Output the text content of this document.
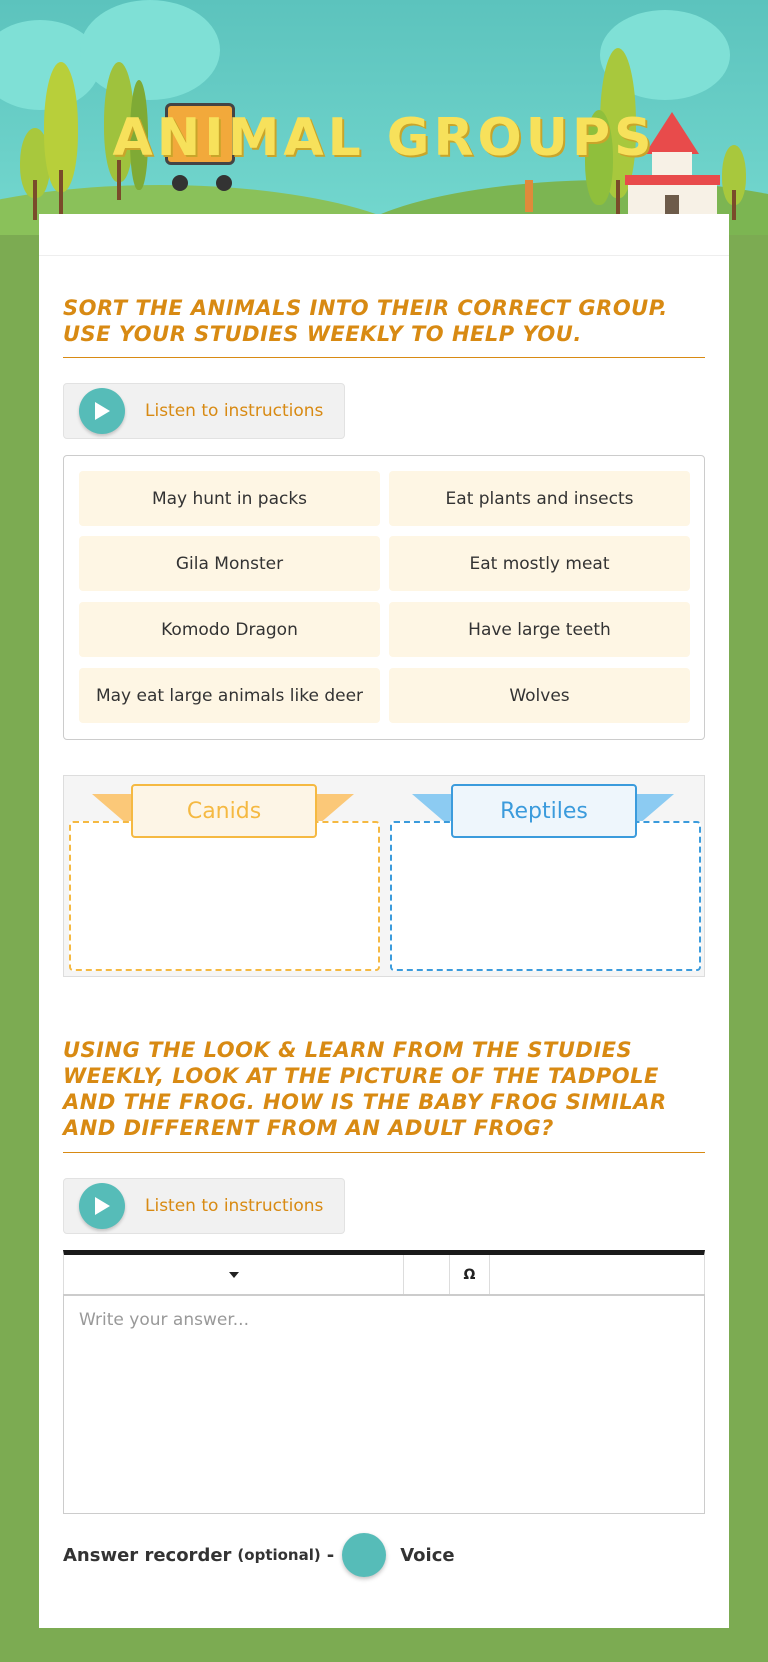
ANIMAL GROUPS
SORT THE ANIMALS INTO THEIR CORRECT GROUP. USE YOUR STUDIES WEEKLY TO HELP YOU.
Listen to instructions
May hunt in packs	Eat plants and insects
Gila Monster	Eat mostly meat
Komodo Dragon	Have large teeth
May eat large animals like deer	Wolves
Canids	Reptiles
USING THE LOOK & LEARN FROM THE STUDIES WEEKLY, LOOK AT THE PICTURE OF THE TADPOLE AND THE FROG. HOW IS THE BABY FROG SIMILAR AND DIFFERENT FROM AN ADULT FROG?
Listen to instructions
Ω
Write your answer...
Answer recorder (optional) -	Voice
